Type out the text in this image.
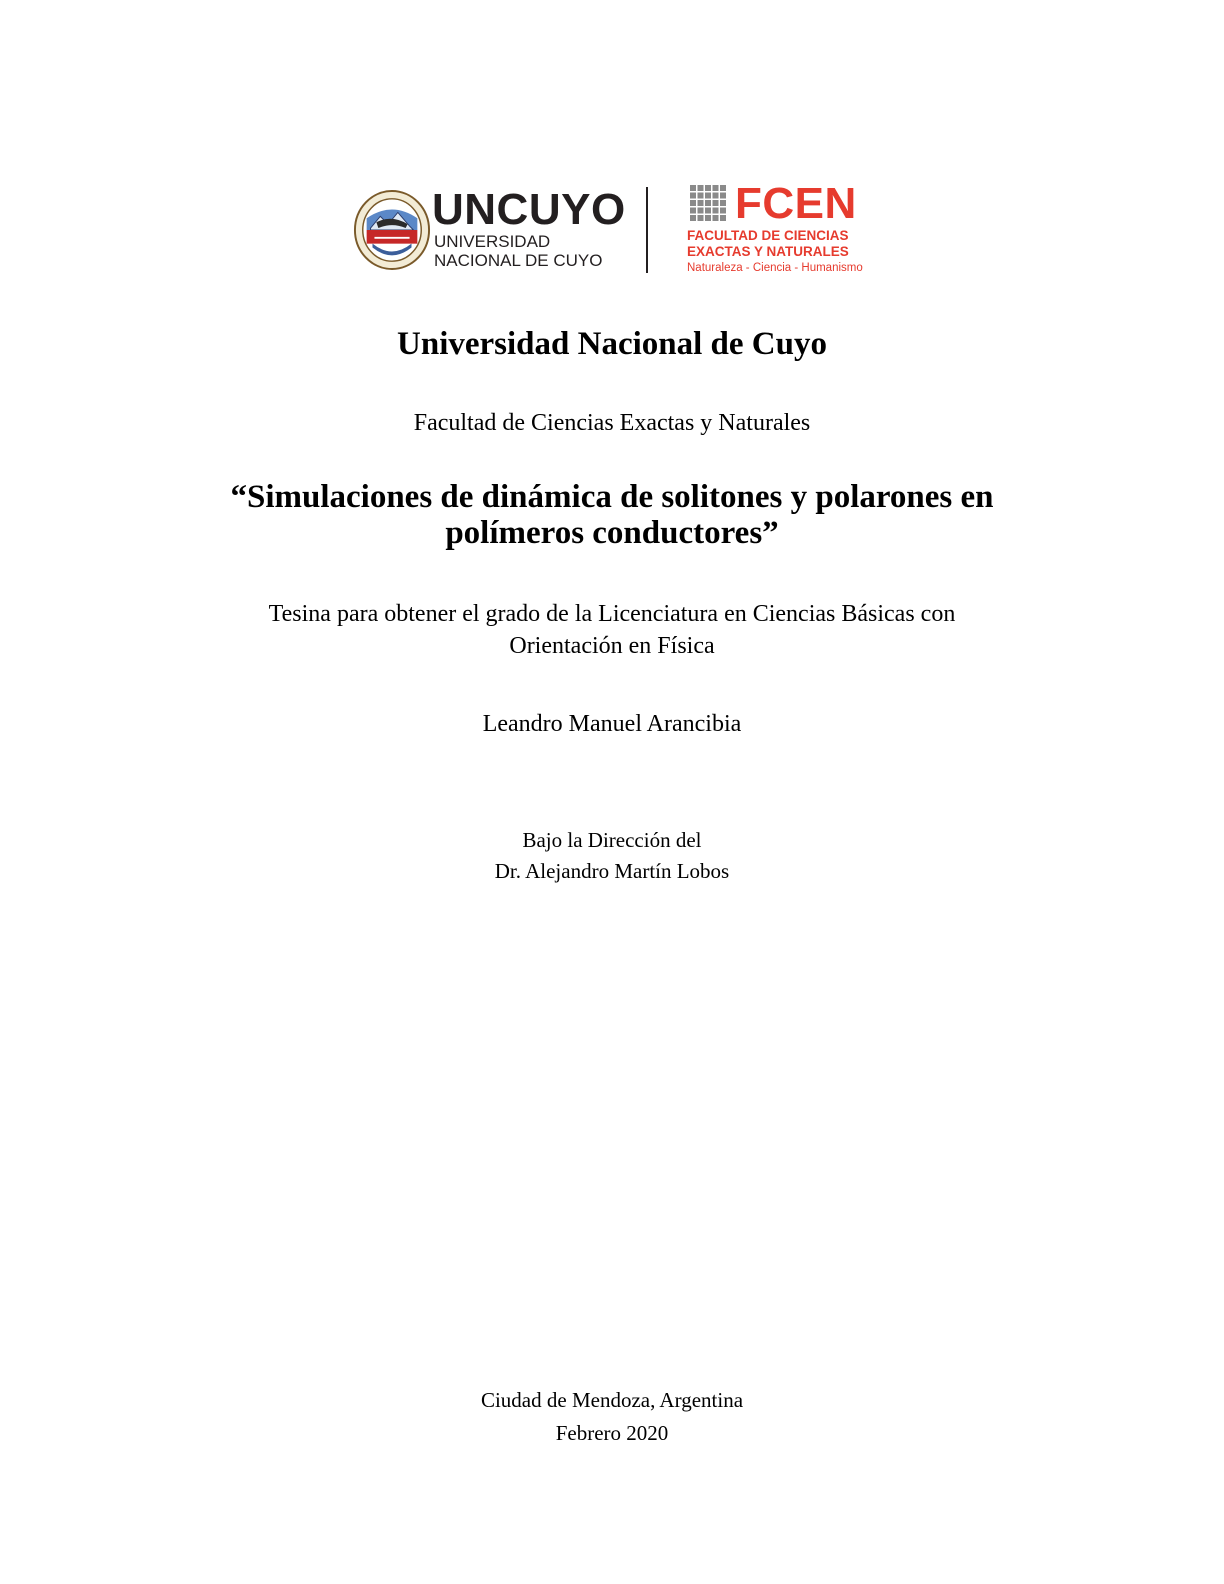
UNCUYO
UNIVERSIDAD
NACIONAL DE CUYO
FCEN
FACULTAD DE CIENCIAS
EXACTAS Y NATURALES
Naturaleza - Ciencia - Humanismo
Universidad Nacional de Cuyo
Facultad de Ciencias Exactas y Naturales
“Simulaciones de dinámica de solitones y polarones en
polímeros conductores”
Tesina para obtener el grado de la Licenciatura en Ciencias Básicas con
Orientación en Física
Leandro Manuel Arancibia
Bajo la Dirección del
Dr. Alejandro Martín Lobos
Ciudad de Mendoza, Argentina
Febrero 2020
